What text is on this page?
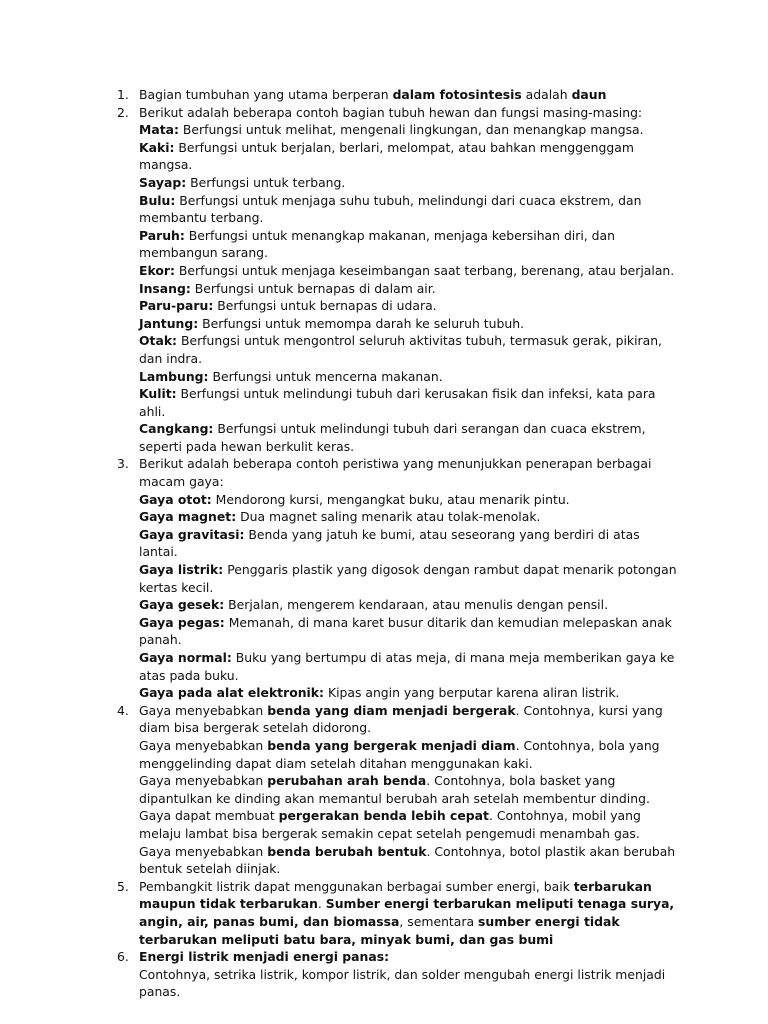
1. Bagian tumbuhan yang utama berperan dalam fotosintesis adalah daun
2. Berikut adalah beberapa contoh bagian tubuh hewan dan fungsi masing-masing:
Mata: Berfungsi untuk melihat, mengenali lingkungan, dan menangkap mangsa.
Kaki: Berfungsi untuk berjalan, berlari, melompat, atau bahkan menggenggam mangsa.
Sayap: Berfungsi untuk terbang.
Bulu: Berfungsi untuk menjaga suhu tubuh, melindungi dari cuaca ekstrem, dan membantu terbang.
Paruh: Berfungsi untuk menangkap makanan, menjaga kebersihan diri, dan membangun sarang.
Ekor: Berfungsi untuk menjaga keseimbangan saat terbang, berenang, atau berjalan.
Insang: Berfungsi untuk bernapas di dalam air.
Paru-paru: Berfungsi untuk bernapas di udara.
Jantung: Berfungsi untuk memompa darah ke seluruh tubuh.
Otak: Berfungsi untuk mengontrol seluruh aktivitas tubuh, termasuk gerak, pikiran, dan indra.
Lambung: Berfungsi untuk mencerna makanan.
Kulit: Berfungsi untuk melindungi tubuh dari kerusakan fisik dan infeksi, kata para ahli.
Cangkang: Berfungsi untuk melindungi tubuh dari serangan dan cuaca ekstrem, seperti pada hewan berkulit keras.
3. Berikut adalah beberapa contoh peristiwa yang menunjukkan penerapan berbagai macam gaya:
Gaya otot: Mendorong kursi, mengangkat buku, atau menarik pintu.
Gaya magnet: Dua magnet saling menarik atau tolak-menolak.
Gaya gravitasi: Benda yang jatuh ke bumi, atau seseorang yang berdiri di atas lantai.
Gaya listrik: Penggaris plastik yang digosok dengan rambut dapat menarik potongan kertas kecil.
Gaya gesek: Berjalan, mengerem kendaraan, atau menulis dengan pensil.
Gaya pegas: Memanah, di mana karet busur ditarik dan kemudian melepaskan anak panah.
Gaya normal: Buku yang bertumpu di atas meja, di mana meja memberikan gaya ke atas pada buku.
Gaya pada alat elektronik: Kipas angin yang berputar karena aliran listrik.
4. Gaya menyebabkan benda yang diam menjadi bergerak. Contohnya, kursi yang diam bisa bergerak setelah didorong.
Gaya menyebabkan benda yang bergerak menjadi diam. Contohnya, bola yang menggelinding dapat diam setelah ditahan menggunakan kaki.
Gaya menyebabkan perubahan arah benda. Contohnya, bola basket yang dipantulkan ke dinding akan memantul berubah arah setelah membentur dinding.
Gaya dapat membuat pergerakan benda lebih cepat. Contohnya, mobil yang melaju lambat bisa bergerak semakin cepat setelah pengemudi menambah gas.
Gaya menyebabkan benda berubah bentuk. Contohnya, botol plastik akan berubah bentuk setelah diinjak.
5. Pembangkit listrik dapat menggunakan berbagai sumber energi, baik terbarukan maupun tidak terbarukan. Sumber energi terbarukan meliputi tenaga surya, angin, air, panas bumi, dan biomassa, sementara sumber energi tidak terbarukan meliputi batu bara, minyak bumi, dan gas bumi
6. Energi listrik menjadi energi panas:
Contohnya, setrika listrik, kompor listrik, dan solder mengubah energi listrik menjadi panas.
